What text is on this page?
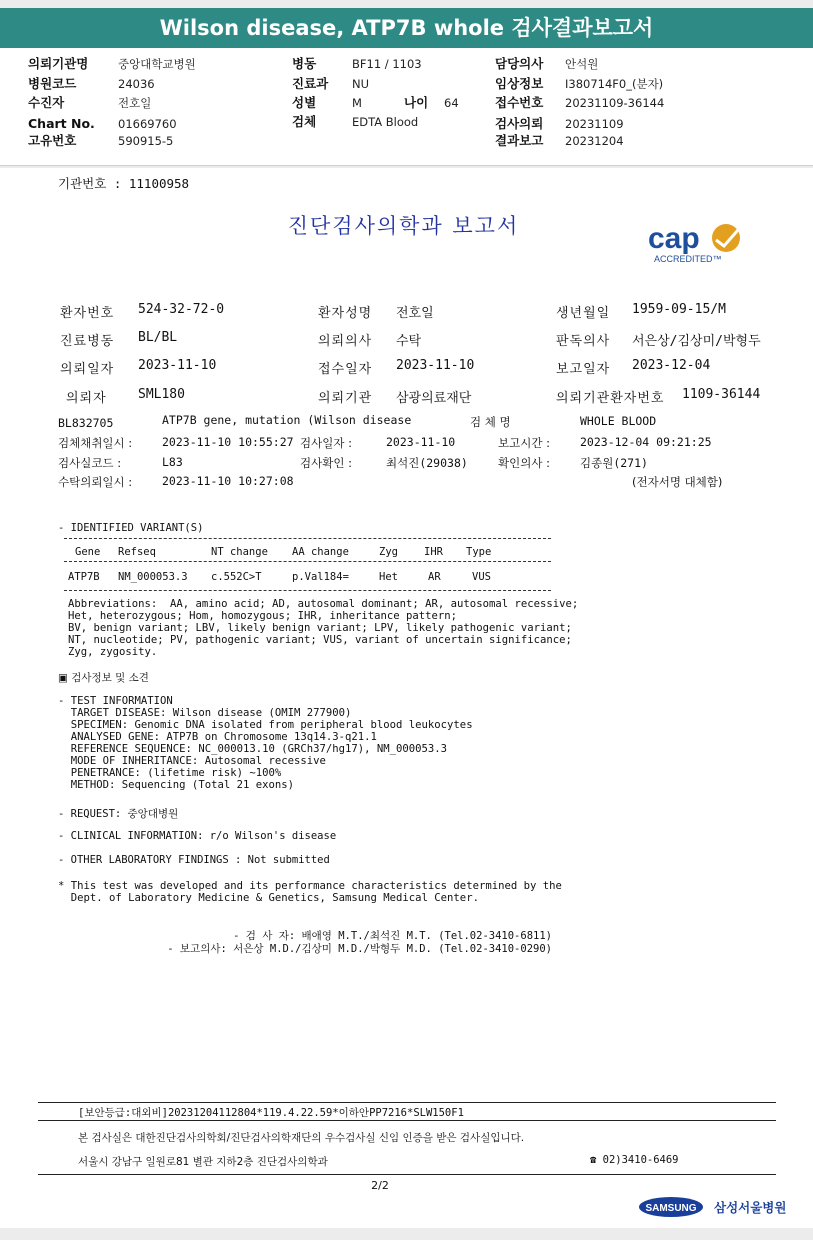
Wilson disease, ATP7B whole 검사결과보고서
의뢰기관명	중앙대학교병원
병원코드	24036
수진자	전호일
Chart No. 01669760
고유번호	590915-5
병동	BF11 / 1103
진료과 NU
성별	M	나이 64
검체	EDTA Blood
담당의사 안석원
임상정보 I380714F0_(분자)
접수번호 20231109-36144
검사의뢰 20231109
결과보고 20231204
기관번호 : 11100958
진단검사의학과 보고서	cap
ACCREDITED™
환자번호 524-32-72-0	환자성명 전호일	생년월일 1959-09-15/M
진료병동 BL/BL	의뢰의사 수탁	판독의사 서은상/김상미/박형두
의뢰일자 2023-11-10	접수일자 2023-11-10	보고일자 2023-12-04
의뢰자 SML180	의뢰기관 삼광의료재단	의뢰기관환자번호 1109-36144
BL832705	ATP7B gene, mutation (Wilson disease	검 체 명	WHOLE BLOOD
검체채취일시 :	2023-11-10 10:55:27 검사일자 :	2023-11-10	보고시간 :	2023-12-04 09:21:25
검사실코드 :	L83	검사확인 :	최석진(29038)	확인의사 :	김종원(271)
수탁의뢰일시 :	2023-11-10 10:27:08	(전자서명 대체함)
- IDENTIFIED VARIANT(S)
Gene Refseq	NT change AA change	Zyg IHR Type
ATP7B NM_000053.3 c.552C>T	p.Val184=	Het	AR	VUS
Abbreviations:  AA, amino acid; AD, autosomal dominant; AR, autosomal recessive;
Het, heterozygous; Hom, homozygous; IHR, inheritance pattern;
BV, benign variant; LBV, likely benign variant; LPV, likely pathogenic variant;
NT, nucleotide; PV, pathogenic variant; VUS, variant of uncertain significance;
Zyg, zygosity.
▣ 검사정보 및 소견
- TEST INFORMATION
TARGET DISEASE: Wilson disease (OMIM 277900)
SPECIMEN: Genomic DNA isolated from peripheral blood leukocytes
ANALYSED GENE: ATP7B on Chromosome 13q14.3-q21.1
REFERENCE SEQUENCE: NC_000013.10 (GRCh37/hg17), NM_000053.3
MODE OF INHERITANCE: Autosomal recessive
PENETRANCE: (lifetime risk) ~100%
METHOD: Sequencing (Total 21 exons)
- REQUEST: 중앙대병원
- CLINICAL INFORMATION: r/o Wilson's disease
- OTHER LABORATORY FINDINGS : Not submitted
* This test was developed and its performance characteristics determined by the
Dept. of Laboratory Medicine & Genetics, Samsung Medical Center.
- 검 사 자: 배애영 M.T./최석진 M.T. (Tel.02-3410-6811)
- 보고의사: 서은상 M.D./김상미 M.D./박형두 M.D. (Tel.02-3410-0290)
[보안등급:대외비]20231204112804*119.4.22.59*이하안PP7216*SLW150F1
본 검사실은 대한진단검사의학회/진단검사의학재단의 우수검사실 신임 인증을 받은 검사실입니다.
서울시 강남구 일원로81 별관 지하2층 진단검사의학과	☎ 02)3410-6469
2/2
SAMSUNG 삼성서울병원
